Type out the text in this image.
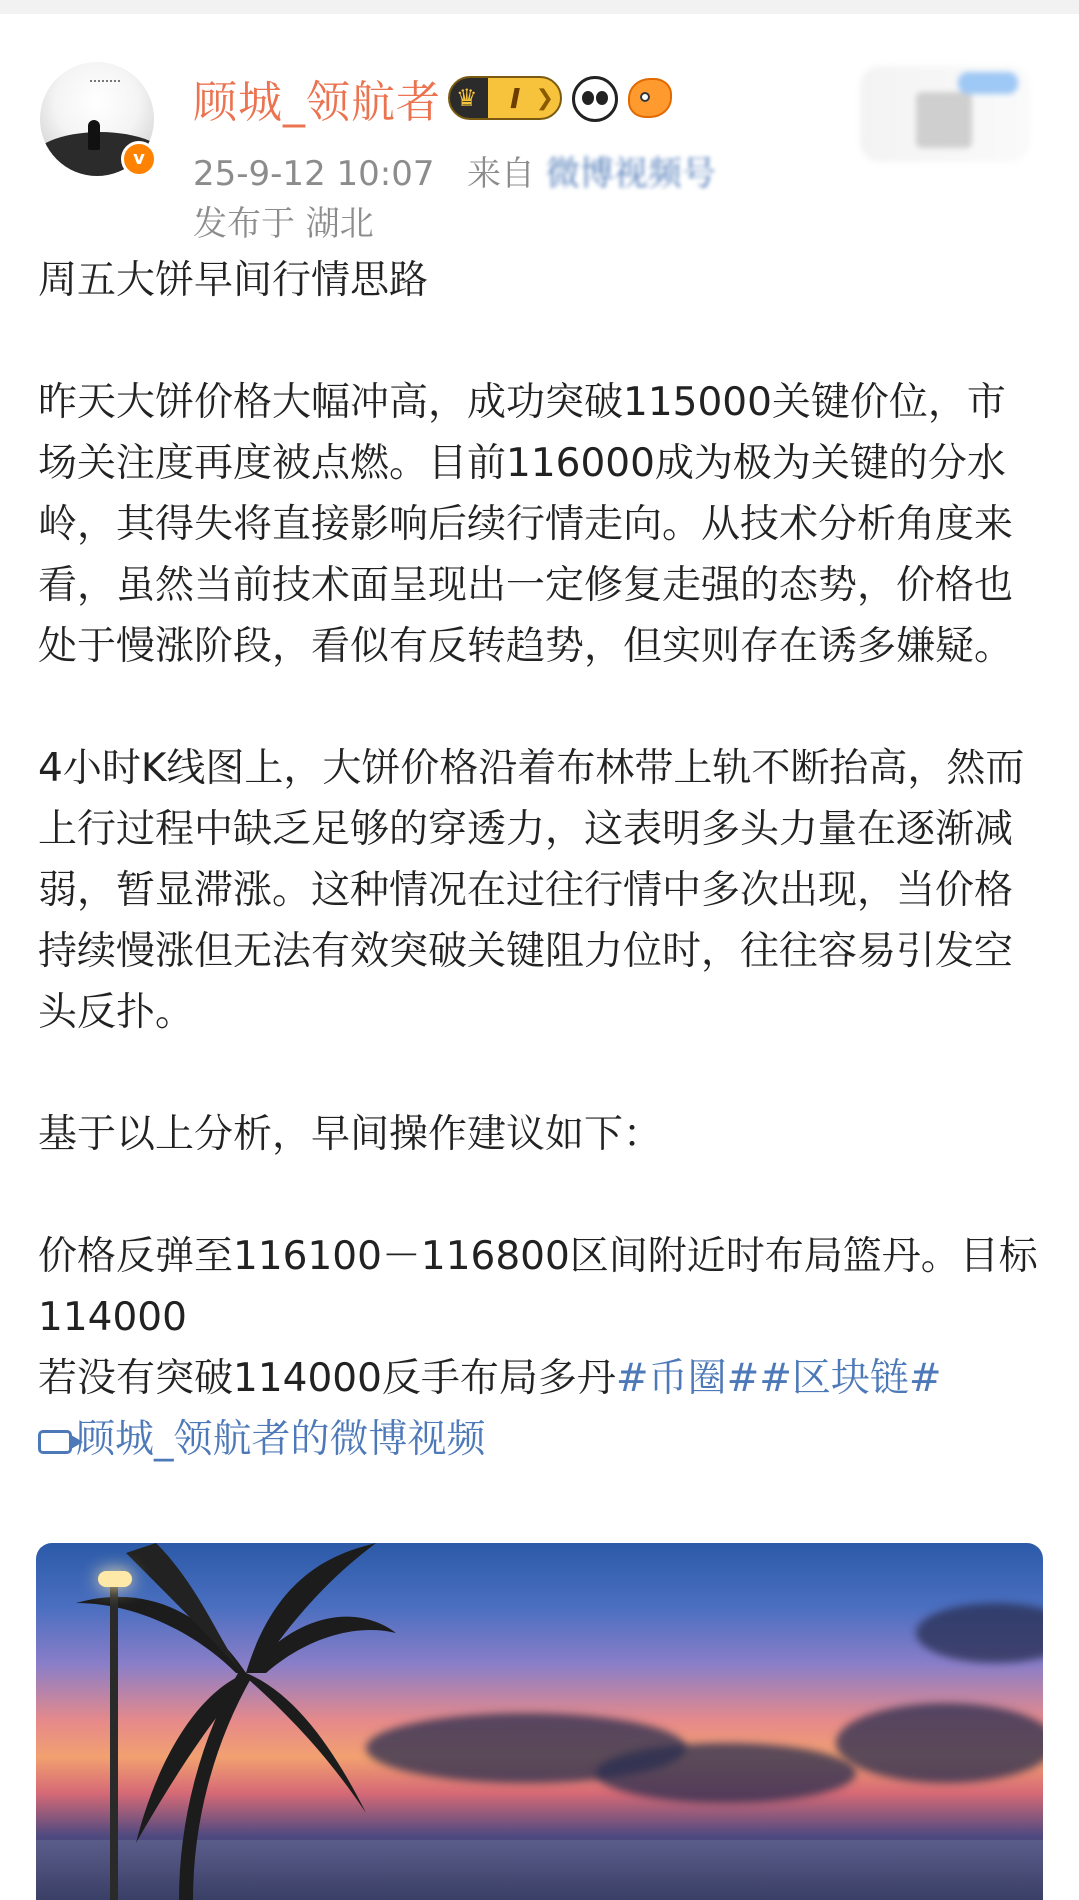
v
顾城_领航者 ♛ I ❯
25-9-12 10:07 来自 微博视频号
发布于 湖北

周五大饼早间行情思路

昨天大饼价格大幅冲高，成功突破115000关键价位，市场关注度再度被点燃。目前116000成为极为关键的分水岭，其得失将直接影响后续行情走向。从技术分析角度来看，虽然当前技术面呈现出一定修复走强的态势，价格也处于慢涨阶段，看似有反转趋势，但实则存在诱多嫌疑。

4小时K线图上，大饼价格沿着布林带上轨不断抬高，然而上行过程中缺乏足够的穿透力，这表明多头力量在逐渐减弱，暂显滞涨。这种情况在过往行情中多次出现，当价格持续慢涨但无法有效突破关键阻力位时，往往容易引发空头反扑。

基于以上分析，早间操作建议如下：

价格反弹至116100－116800区间附近时布局篮丹。目标114000

若没有突破114000反手布局多丹#币圈##区块链#

顾城_领航者的微博视频
